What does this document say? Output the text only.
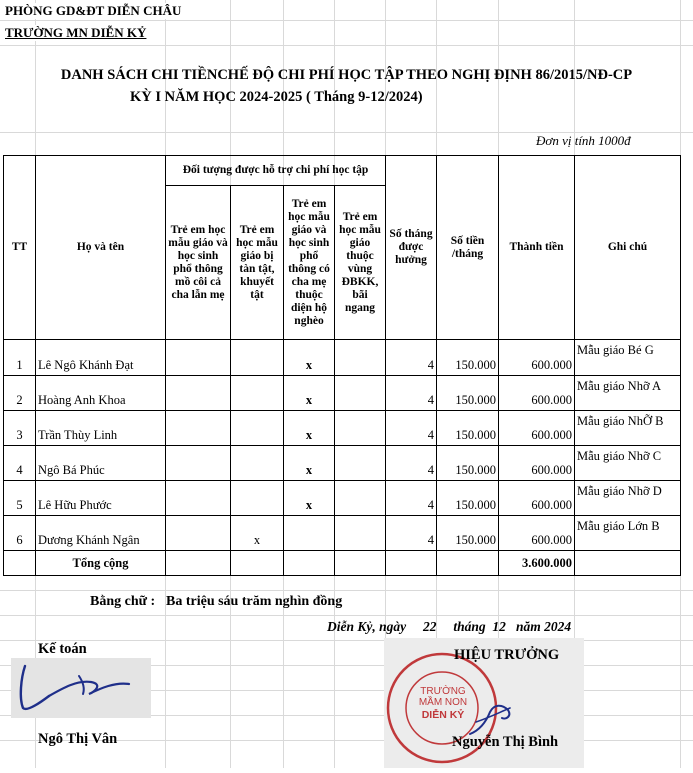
PHÒNG GD&ĐT DIỄN CHÂU
TRƯỜNG MN DIỄN KỶ
DANH SÁCH CHI TIỀNCHẾ ĐỘ CHI PHÍ HỌC TẬP THEO NGHỊ ĐỊNH 86/2015/NĐ-CP
KỲ I NĂM HỌC 2024-2025 ( Tháng 9-12/2024)
Đơn vị tính 1000đ
TT	Họ và tên	Đối tượng được hỗ trợ chi phí học tập				Số tháng được hưởng	Số tiền /tháng	Thành tiền	Ghi chú
		Trẻ em học mẫu giáo và học sinh phổ thông mồ côi cả cha lẫn mẹ	Trẻ em học mẫu giáo bị tàn tật, khuyết tật	Trẻ em học mẫu giáo và học sinh phổ thông có cha mẹ thuộc diện hộ nghèo	Trẻ em học mẫu giáo thuộc vùng ĐBKK, bãi ngang				
1	Lê Ngô Khánh Đạt			x		4	150.000	600.000	Mẫu giáo Bé G
2	Hoàng Anh Khoa			x		4	150.000	600.000	Mẫu giáo Nhỡ A
3	Trần Thùy Linh			x		4	150.000	600.000	Mẫu giáo NhỠ B
4	Ngô Bá Phúc			x		4	150.000	600.000	Mẫu giáo Nhỡ C
5	Lê Hữu Phước			x		4	150.000	600.000	Mẫu giáo Nhỡ D
6	Dương Khánh Ngân		x			4	150.000	600.000	Mẫu giáo Lớn B
	Tổng cộng							3.600.000	
Bằng chữ : Ba triệu sáu trăm nghìn đồng
Diễn Kỷ, ngày     22     tháng  12   năm 2024
Kế toán
Ngô Thị Vân
TRƯỜNG
MẦM NON
DIỄN KỶ
HIỆU TRƯỞNG
Nguyễn Thị Bình
